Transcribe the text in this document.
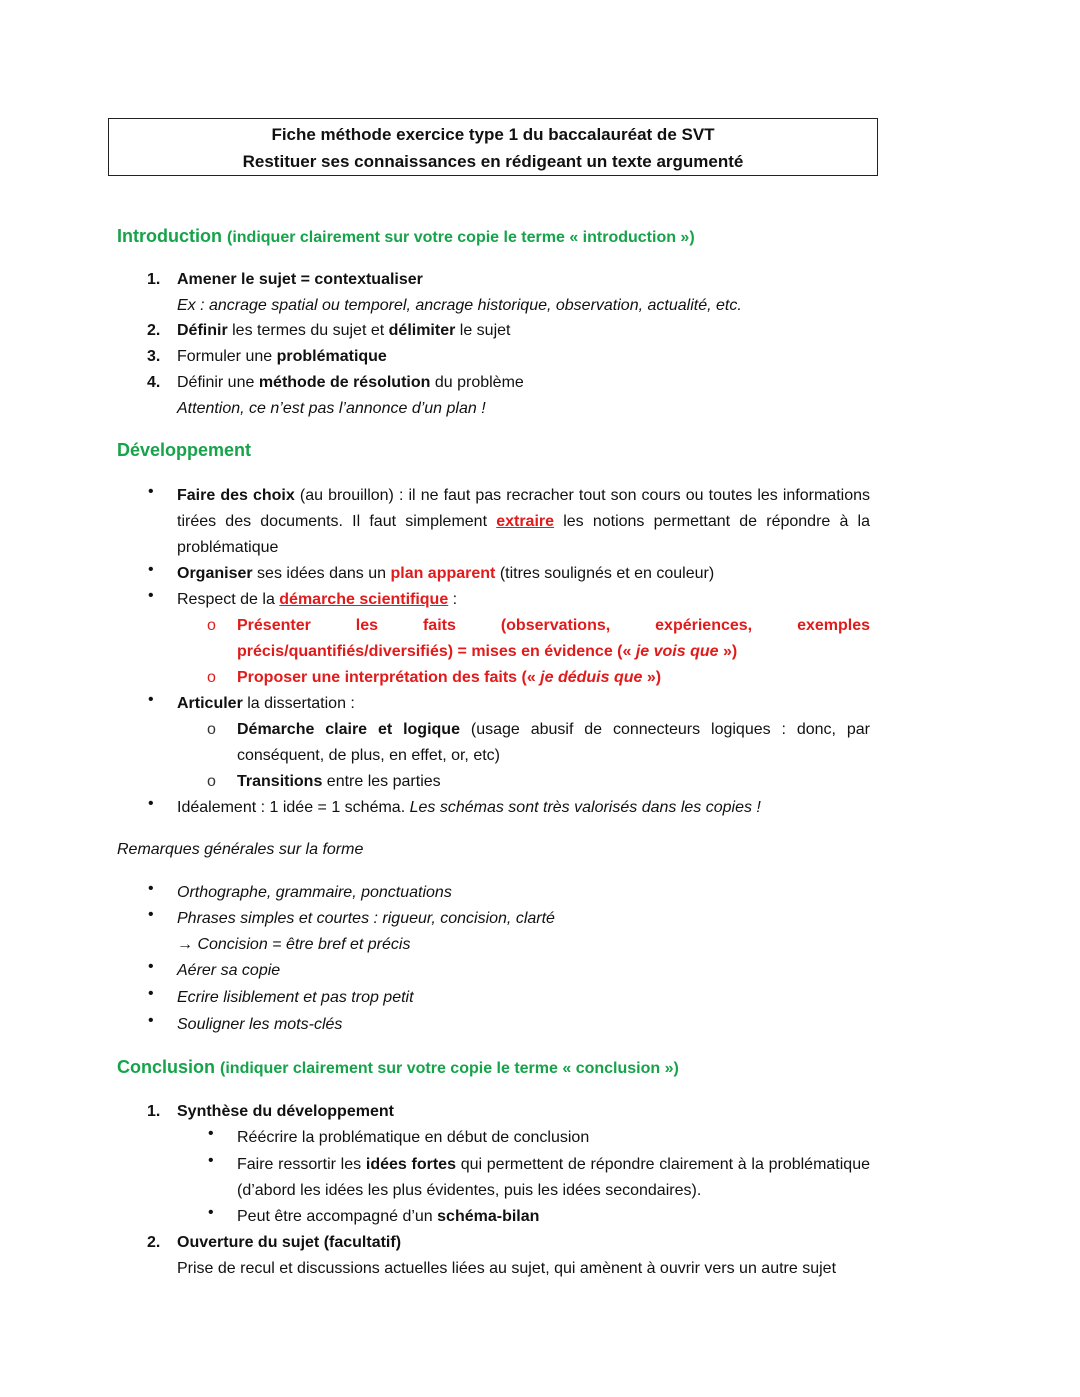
Fiche méthode exercice type 1 du baccalauréat de SVT
Restituer ses connaissances en rédigeant un texte argumenté
Introduction (indiquer clairement sur votre copie le terme « introduction »)
1. Amener le sujet = contextualiser
Ex : ancrage spatial ou temporel, ancrage historique, observation, actualité, etc.
2. Définir les termes du sujet et délimiter le sujet
3. Formuler une problématique
4. Définir une méthode de résolution du problème
Attention, ce n’est pas l’annonce d’un plan !
Développement
• Faire des choix (au brouillon) : il ne faut pas recracher tout son cours ou toutes les informations tirées des documents. Il faut simplement extraire les notions permettant de répondre à la problématique
• Organiser ses idées dans un plan apparent (titres soulignés et en couleur)
• Respect de la démarche scientifique :
o Présenter les faits (observations, expériences, exemples précis/quantifiés/diversifiés) = mises en évidence (« je vois que »)
o Proposer une interprétation des faits (« je déduis que »)
• Articuler la dissertation :
o Démarche claire et logique (usage abusif de connecteurs logiques : donc, par conséquent, de plus, en effet, or, etc)
o Transitions entre les parties
• Idéalement : 1 idée = 1 schéma. Les schémas sont très valorisés dans les copies !
Remarques générales sur la forme
• Orthographe, grammaire, ponctuations
• Phrases simples et courtes : rigueur, concision, clarté
→ Concision = être bref et précis
• Aérer sa copie
• Ecrire lisiblement et pas trop petit
• Souligner les mots-clés
Conclusion (indiquer clairement sur votre copie le terme « conclusion »)
1. Synthèse du développement
• Réécrire la problématique en début de conclusion
• Faire ressortir les idées fortes qui permettent de répondre clairement à la problématique (d’abord les idées les plus évidentes, puis les idées secondaires).
• Peut être accompagné d’un schéma-bilan
2. Ouverture du sujet (facultatif)
Prise de recul et discussions actuelles liées au sujet, qui amènent à ouvrir vers un autre sujet
